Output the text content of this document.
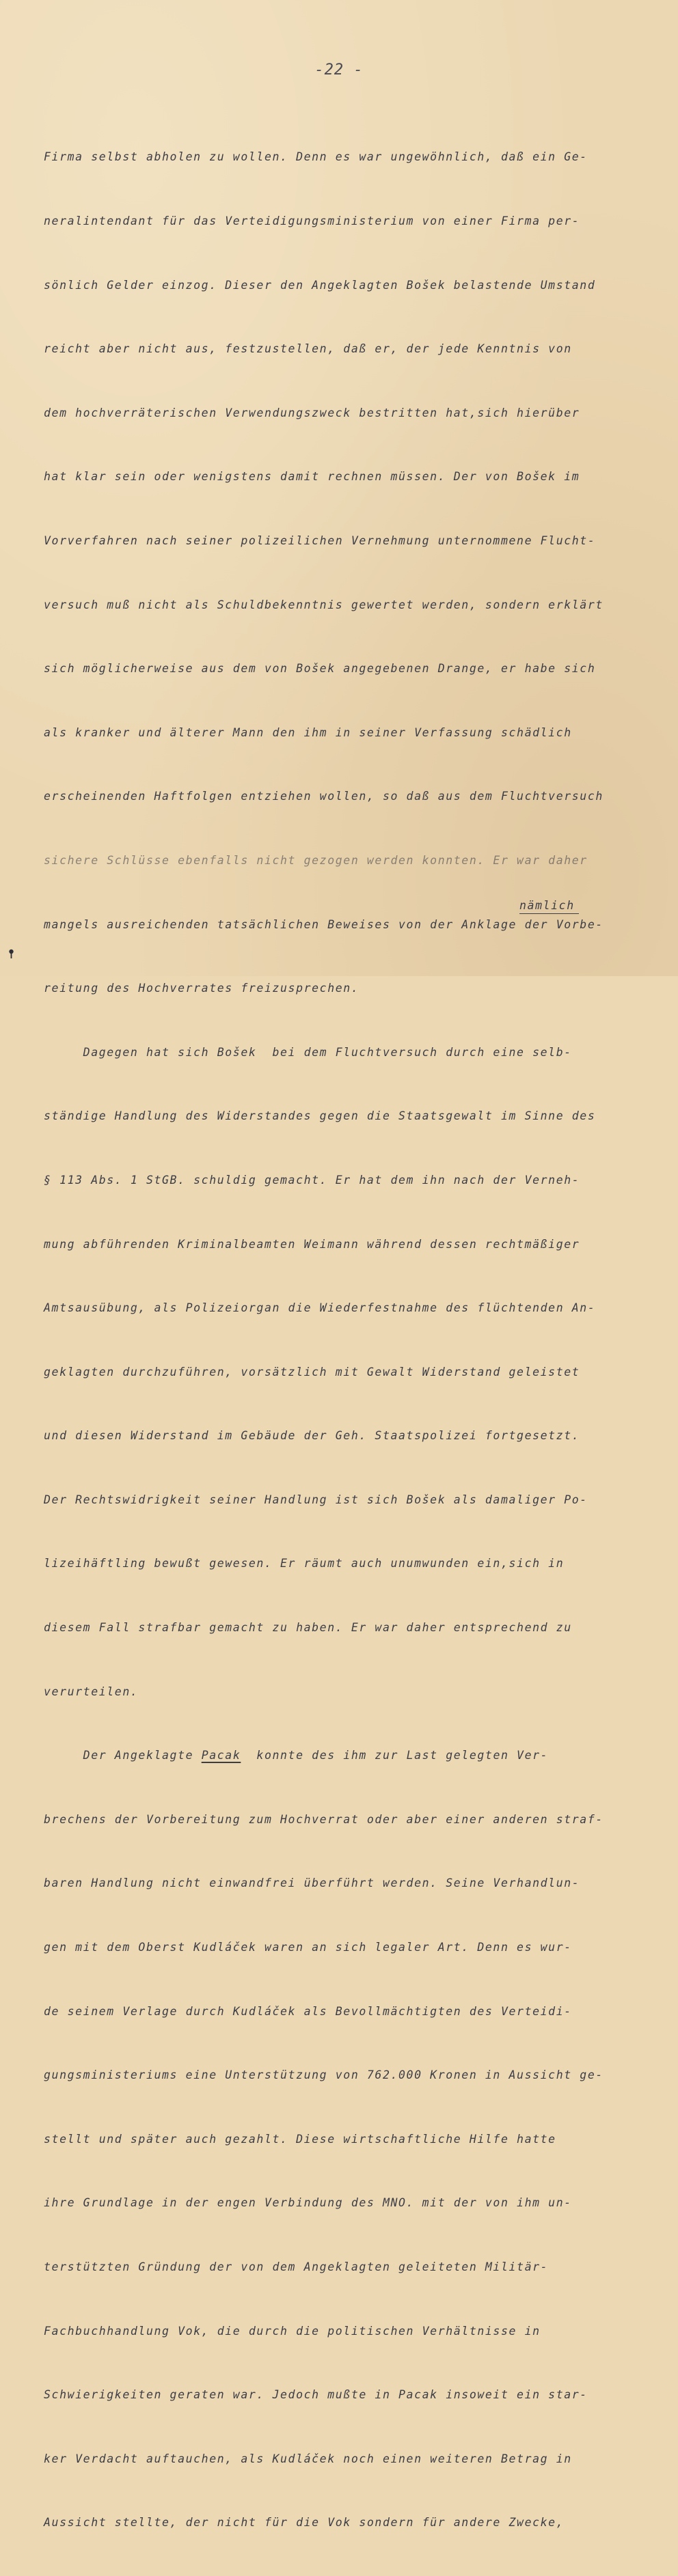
-22 -

Firma selbst abholen zu wollen. Denn es war ungewöhnlich, daß ein Ge-

neralintendant für das Verteidigungsministerium von einer Firma per-

sönlich Gelder einzog. Dieser den Angeklagten Bošek belastende Umstand

reicht aber nicht aus, festzustellen, daß er, der jede Kenntnis von

dem hochverräterischen Verwendungszweck bestritten hat,sich hierüber

hat klar sein oder wenigstens damit rechnen müssen. Der von Bošek im

Vorverfahren nach seiner polizeilichen Vernehmung unternommene Flucht-

versuch muß nicht als Schuldbekenntnis gewertet werden, sondern erklärt

sich möglicherweise aus dem von Bošek angegebenen Drange, er habe sich

als kranker und älterer Mann den ihm in seiner Verfassung schädlich

erscheinenden Haftfolgen entziehen wollen, so daß aus dem Fluchtversuch

sichere Schlüsse ebenfalls nicht gezogen werden konnten. Er war daher

mangels ausreichenden tatsächlichen Beweises von der Anklage der Vorbe-

reitung des Hochverrates freizusprechen.

Dagegen hat sich Bošek  bei dem Fluchtversuch durch eine selb-

ständige Handlung des Widerstandes gegen die Staatsgewalt im Sinne des

§ 113 Abs. 1 StGB. schuldig gemacht. Er hat dem ihn nach der Verneh-

mung abführenden Kriminalbeamten Weimann während dessen rechtmäßiger

Amtsausübung, als Polizeiorgan die Wiederfestnahme des flüchtenden An-

geklagten durchzuführen, vorsätzlich mit Gewalt Widerstand geleistet

und diesen Widerstand im Gebäude der Geh. Staatspolizei fortgesetzt.

Der Rechtswidrigkeit seiner Handlung ist sich Bošek als damaliger Po-

lizeihäftling bewußt gewesen. Er räumt auch unumwunden ein,sich in

diesem Fall strafbar gemacht zu haben. Er war daher entsprechend zu

verurteilen.

Der Angeklagte Pacak  konnte des ihm zur Last gelegten Ver-

brechens der Vorbereitung zum Hochverrat oder aber einer anderen straf-

baren Handlung nicht einwandfrei überführt werden. Seine Verhandlun-

gen mit dem Oberst Kudláček waren an sich legaler Art. Denn es wur-

de seinem Verlage durch Kudláček als Bevollmächtigten des Verteidi-

gungsministeriums eine Unterstützung von 762.000 Kronen in Aussicht ge-

stellt und später auch gezahlt. Diese wirtschaftliche Hilfe hatte

ihre Grundlage in der engen Verbindung des MNO. mit der von ihm un-

terstützten Gründung der von dem Angeklagten geleiteten Militär-

Fachbuchhandlung Vok, die durch die politischen Verhältnisse in

Schwierigkeiten geraten war. Jedoch mußte in Pacak insoweit ein star-

ker Verdacht auftauchen, als Kudláček noch einen weiteren Betrag in

Aussicht stellte, der nicht für die Vok sondern für andere Zwecke,

nämlich
